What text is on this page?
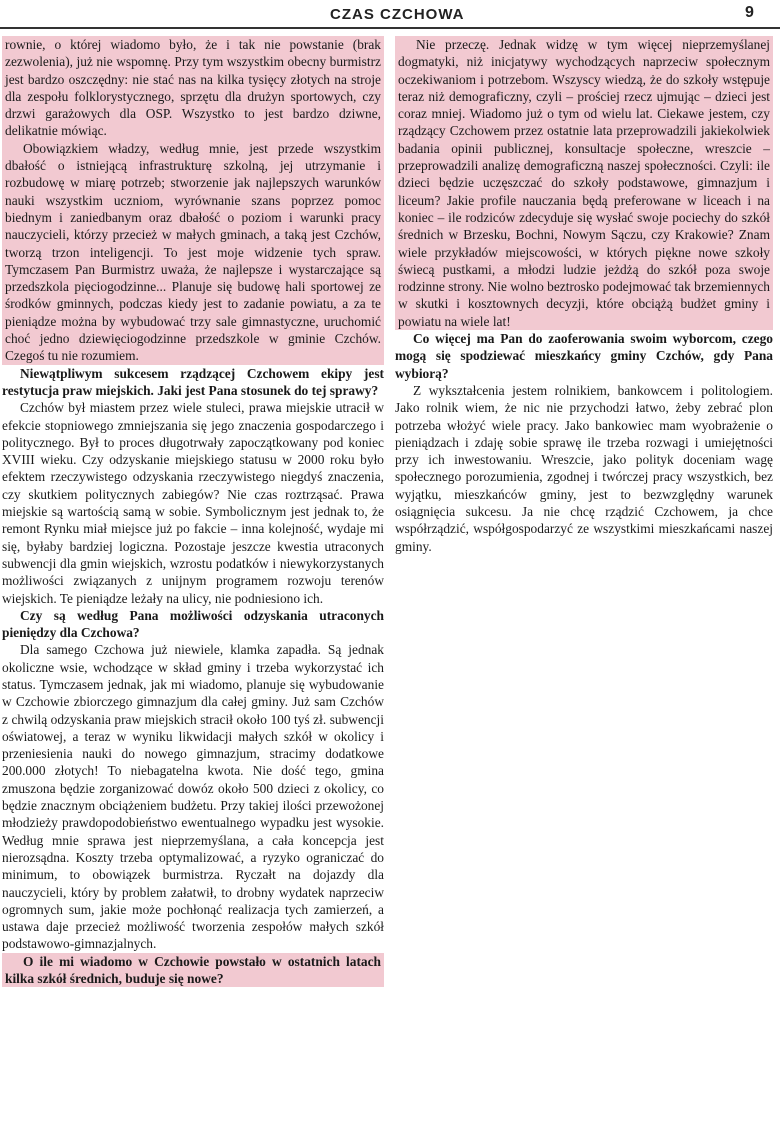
CZAS CZCHOWA	9

rownie, o której wiadomo było, że i tak nie powstanie (brak zezwolenia), już nie wspomnę. Przy tym wszystkim obecny burmistrz jest bardzo oszczędny: nie stać nas na kilka tysięcy złotych na stroje dla zespołu folklorystycznego, sprzętu dla drużyn sportowych, czy drzwi garażowych dla OSP. Wszystko to jest bardzo dziwne, delikatnie mówiąc.

Obowiązkiem władzy, według mnie, jest przede wszystkim dbałość o istniejącą infrastrukturę szkolną, jej utrzymanie i rozbudowę w miarę potrzeb; stworzenie jak najlepszych warunków nauki wszystkim uczniom, wyrównanie szans poprzez pomoc biednym i zaniedbanym oraz dbałość o poziom i warunki pracy nauczycieli, którzy przecież w małych gminach, a taką jest Czchów, tworzą trzon inteligencji. To jest moje widzenie tych spraw. Tymczasem Pan Burmistrz uważa, że najlepsze i wystarczające są przedszkola pięciogodzinne... Planuje się budowę hali sportowej ze środków gminnych, podczas kiedy jest to zadanie powiatu, a za te pieniądze można by wybudować trzy sale gimnastyczne, uruchomić choć jedno dziewięciogodzinne przedszkole w gminie Czchów. Czegoś tu nie rozumiem.

Niewątpliwym sukcesem rządzącej Czchowem ekipy jest restytucja praw miejskich. Jaki jest Pana stosunek do tej sprawy?

Czchów był miastem przez wiele stuleci, prawa miejskie utracił w efekcie stopniowego zmniejszania się jego znaczenia gospodarczego i politycznego. Był to proces długotrwały zapoczątkowany pod koniec XVIII wieku. Czy odzyskanie miejskiego statusu w 2000 roku było efektem rzeczywistego odzyskania rzeczywistego niegdyś znaczenia, czy skutkiem politycznych zabiegów? Nie czas roztrząsać. Prawa miejskie są wartością samą w sobie. Symbolicznym jest jednak to, że remont Rynku miał miejsce już po fakcie – inna kolejność, wydaje mi się, byłaby bardziej logiczna. Pozostaje jeszcze kwestia utraconych subwencji dla gmin wiejskich, wzrostu podatków i niewykorzystanych możliwości związanych z unijnym programem rozwoju terenów wiejskich. Te pieniądze leżały na ulicy, nie podniesiono ich.

Czy są według Pana możliwości odzyskania utraconych pieniędzy dla Czchowa?

Dla samego Czchowa już niewiele, klamka zapadła. Są jednak okoliczne wsie, wchodzące w skład gminy i trzeba wykorzystać ich status. Tymczasem jednak, jak mi wiadomo, planuje się wybudowanie w Czchowie zbiorczego gimnazjum dla całej gminy. Już sam Czchów z chwilą odzyskania praw miejskich stracił około 100 tyś zł. subwencji oświatowej, a teraz w wyniku likwidacji małych szkół w okolicy i przeniesienia nauki do nowego gimnazjum, stracimy dodatkowe 200.000 złotych! To niebagatelna kwota. Nie dość tego, gmina zmuszona będzie zorganizować dowóz około 500 dzieci z okolicy, co będzie znacznym obciążeniem budżetu. Przy takiej ilości przewożonej młodzieży prawdopodobieństwo ewentualnego wypadku jest wysokie. Według mnie sprawa jest nieprzemyślana, a cała koncepcja jest nierozsądna. Koszty trzeba optymalizować, a ryzyko ograniczać do minimum, to obowiązek burmistrza. Ryczałt na dojazdy dla nauczycieli, który by problem załatwił, to drobny wydatek naprzeciw ogromnych sum, jakie może pochłonąć realizacja tych zamierzeń, a ustawa daje przecież możliwość tworzenia zespołów małych szkół podstawowo-gimnazjalnych.

O ile mi wiadomo w Czchowie powstało w ostatnich latach kilka szkół średnich, buduje się nowe?

Nie przeczę. Jednak widzę w tym więcej nieprzemyślanej dogmatyki, niż inicjatywy wychodzących naprzeciw społecznym oczekiwaniom i potrzebom. Wszyscy wiedzą, że do szkoły wstępuje teraz niż demograficzny, czyli – prościej rzecz ujmując – dzieci jest coraz mniej. Wiadomo już o tym od wielu lat. Ciekawe jestem, czy rządzący Czchowem przez ostatnie lata przeprowadzili jakiekolwiek badania opinii publicznej, konsultacje społeczne, wreszcie – przeprowadzili analizę demograficzną naszej społeczności. Czyli: ile dzieci będzie uczęszczać do szkoły podstawowe, gimnazjum i liceum? Jakie profile nauczania będą preferowane w liceach i na koniec – ile rodziców zdecyduje się wysłać swoje pociechy do szkół średnich w Brzesku, Bochni, Nowym Sączu, czy Krakowie? Znam wiele przykładów miejscowości, w których piękne nowe szkoły świecą pustkami, a młodzi ludzie jeżdżą do szkół poza swoje rodzinne strony. Nie wolno beztrosko podejmować tak brzemiennych w skutki i kosztownych decyzji, które obciążą budżet gminy i powiatu na wiele lat!

Co więcej ma Pan do zaoferowania swoim wyborcom, czego mogą się spodziewać mieszkańcy gminy Czchów, gdy Pana wybiorą?

Z wykształcenia jestem rolnikiem, bankowcem i politologiem. Jako rolnik wiem, że nic nie przychodzi łatwo, żeby zebrać plon potrzeba włożyć wiele pracy. Jako bankowiec mam wyobrażenie o pieniądzach i zdaję sobie sprawę ile trzeba rozwagi i umiejętności przy ich inwestowaniu. Wreszcie, jako polityk doceniam wagę społecznego porozumienia, zgodnej i twórczej pracy wszystkich, bez wyjątku, mieszkańców gminy, jest to bezwzględny warunek osiągnięcia sukcesu. Ja nie chcę rządzić Czchowem, ja chce współrządzić, współgospodarzyć ze wszystkimi mieszkańcami naszej gminy.
